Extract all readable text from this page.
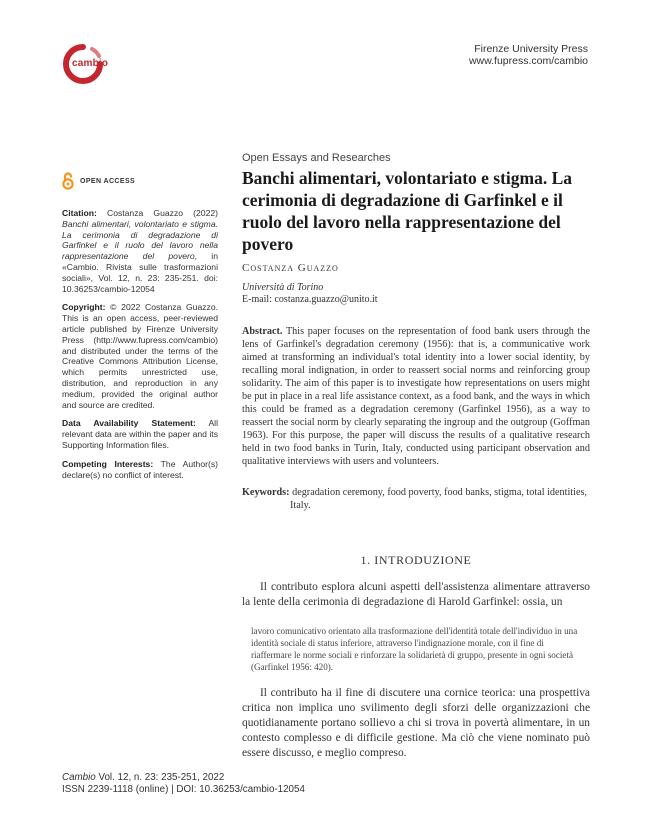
cambio
Firenze University Press
www.fupress.com/cambio
OPEN ACCESS

Citation: Costanza Guazzo (2022) Banchi alimentari, volontariato e stigma. La cerimonia di degradazione di Garfinkel e il ruolo del lavoro nella rappresentazione del povero, in «Cambio. Rivista sulle trasformazioni sociali», Vol. 12, n. 23: 235-251. doi: 10.36253/cambio-12054

Copyright: © 2022 Costanza Guazzo. This is an open access, peer-reviewed article published by Firenze University Press (http://www.fupress.com/cambio) and distributed under the terms of the Creative Commons Attribution License, which permits unrestricted use, distribution, and reproduction in any medium, provided the original author and source are credited.

Data Availability Statement: All relevant data are within the paper and its Supporting Information files.

Competing Interests: The Author(s) declare(s) no conflict of interest.

Open Essays and Researches
Banchi alimentari, volontariato e stigma. La cerimonia di degradazione di Garfinkel e il ruolo del lavoro nella rappresentazione del povero
Costanza Guazzo
Università di Torino
E-mail: costanza.guazzo@unito.it

Abstract. This paper focuses on the representation of food bank users through the lens of Garfinkel's degradation ceremony (1956): that is, a communicative work aimed at transforming an individual's total identity into a lower social identity, by recalling moral indignation, in order to reassert social norms and reinforcing group solidarity. The aim of this paper is to investigate how representations on users might be put in place in a real life assistance context, as a food bank, and the ways in which this could be framed as a degradation ceremony (Garfinkel 1956), as a way to reassert the social norm by clearly separating the ingroup and the outgroup (Goffman 1963). For this purpose, the paper will discuss the results of a qualitative research held in two food banks in Turin, Italy, conducted using participant observation and qualitative interviews with users and volunteers.

Keywords: degradation ceremony, food poverty, food banks, stigma, total identities,
Italy.
1. INTRODUZIONE

Il contributo esplora alcuni aspetti dell'assistenza alimentare attraverso la lente della cerimonia di degradazione di Harold Garfinkel: ossia, un

lavoro comunicativo orientato alla trasformazione dell'identità totale dell'individuo in una identità sociale di status inferiore, attraverso l'indignazione morale, con il fine di riaffermare le norme sociali e rinforzare la solidarietà di gruppo, presente in ogni società (Garfinkel 1956: 420).

Il contributo ha il fine di discutere una cornice teorica: una prospettiva critica non implica uno svilimento degli sforzi delle organizzazioni che quotidianamente portano sollievo a chi si trova in povertà alimentare, in un contesto complesso e di difficile gestione. Ma ciò che viene nominato può essere discusso, e meglio compreso.

Cambio Vol. 12, n. 23: 235-251, 2022
ISSN 2239-1118 (online) | DOI: 10.36253/cambio-12054
